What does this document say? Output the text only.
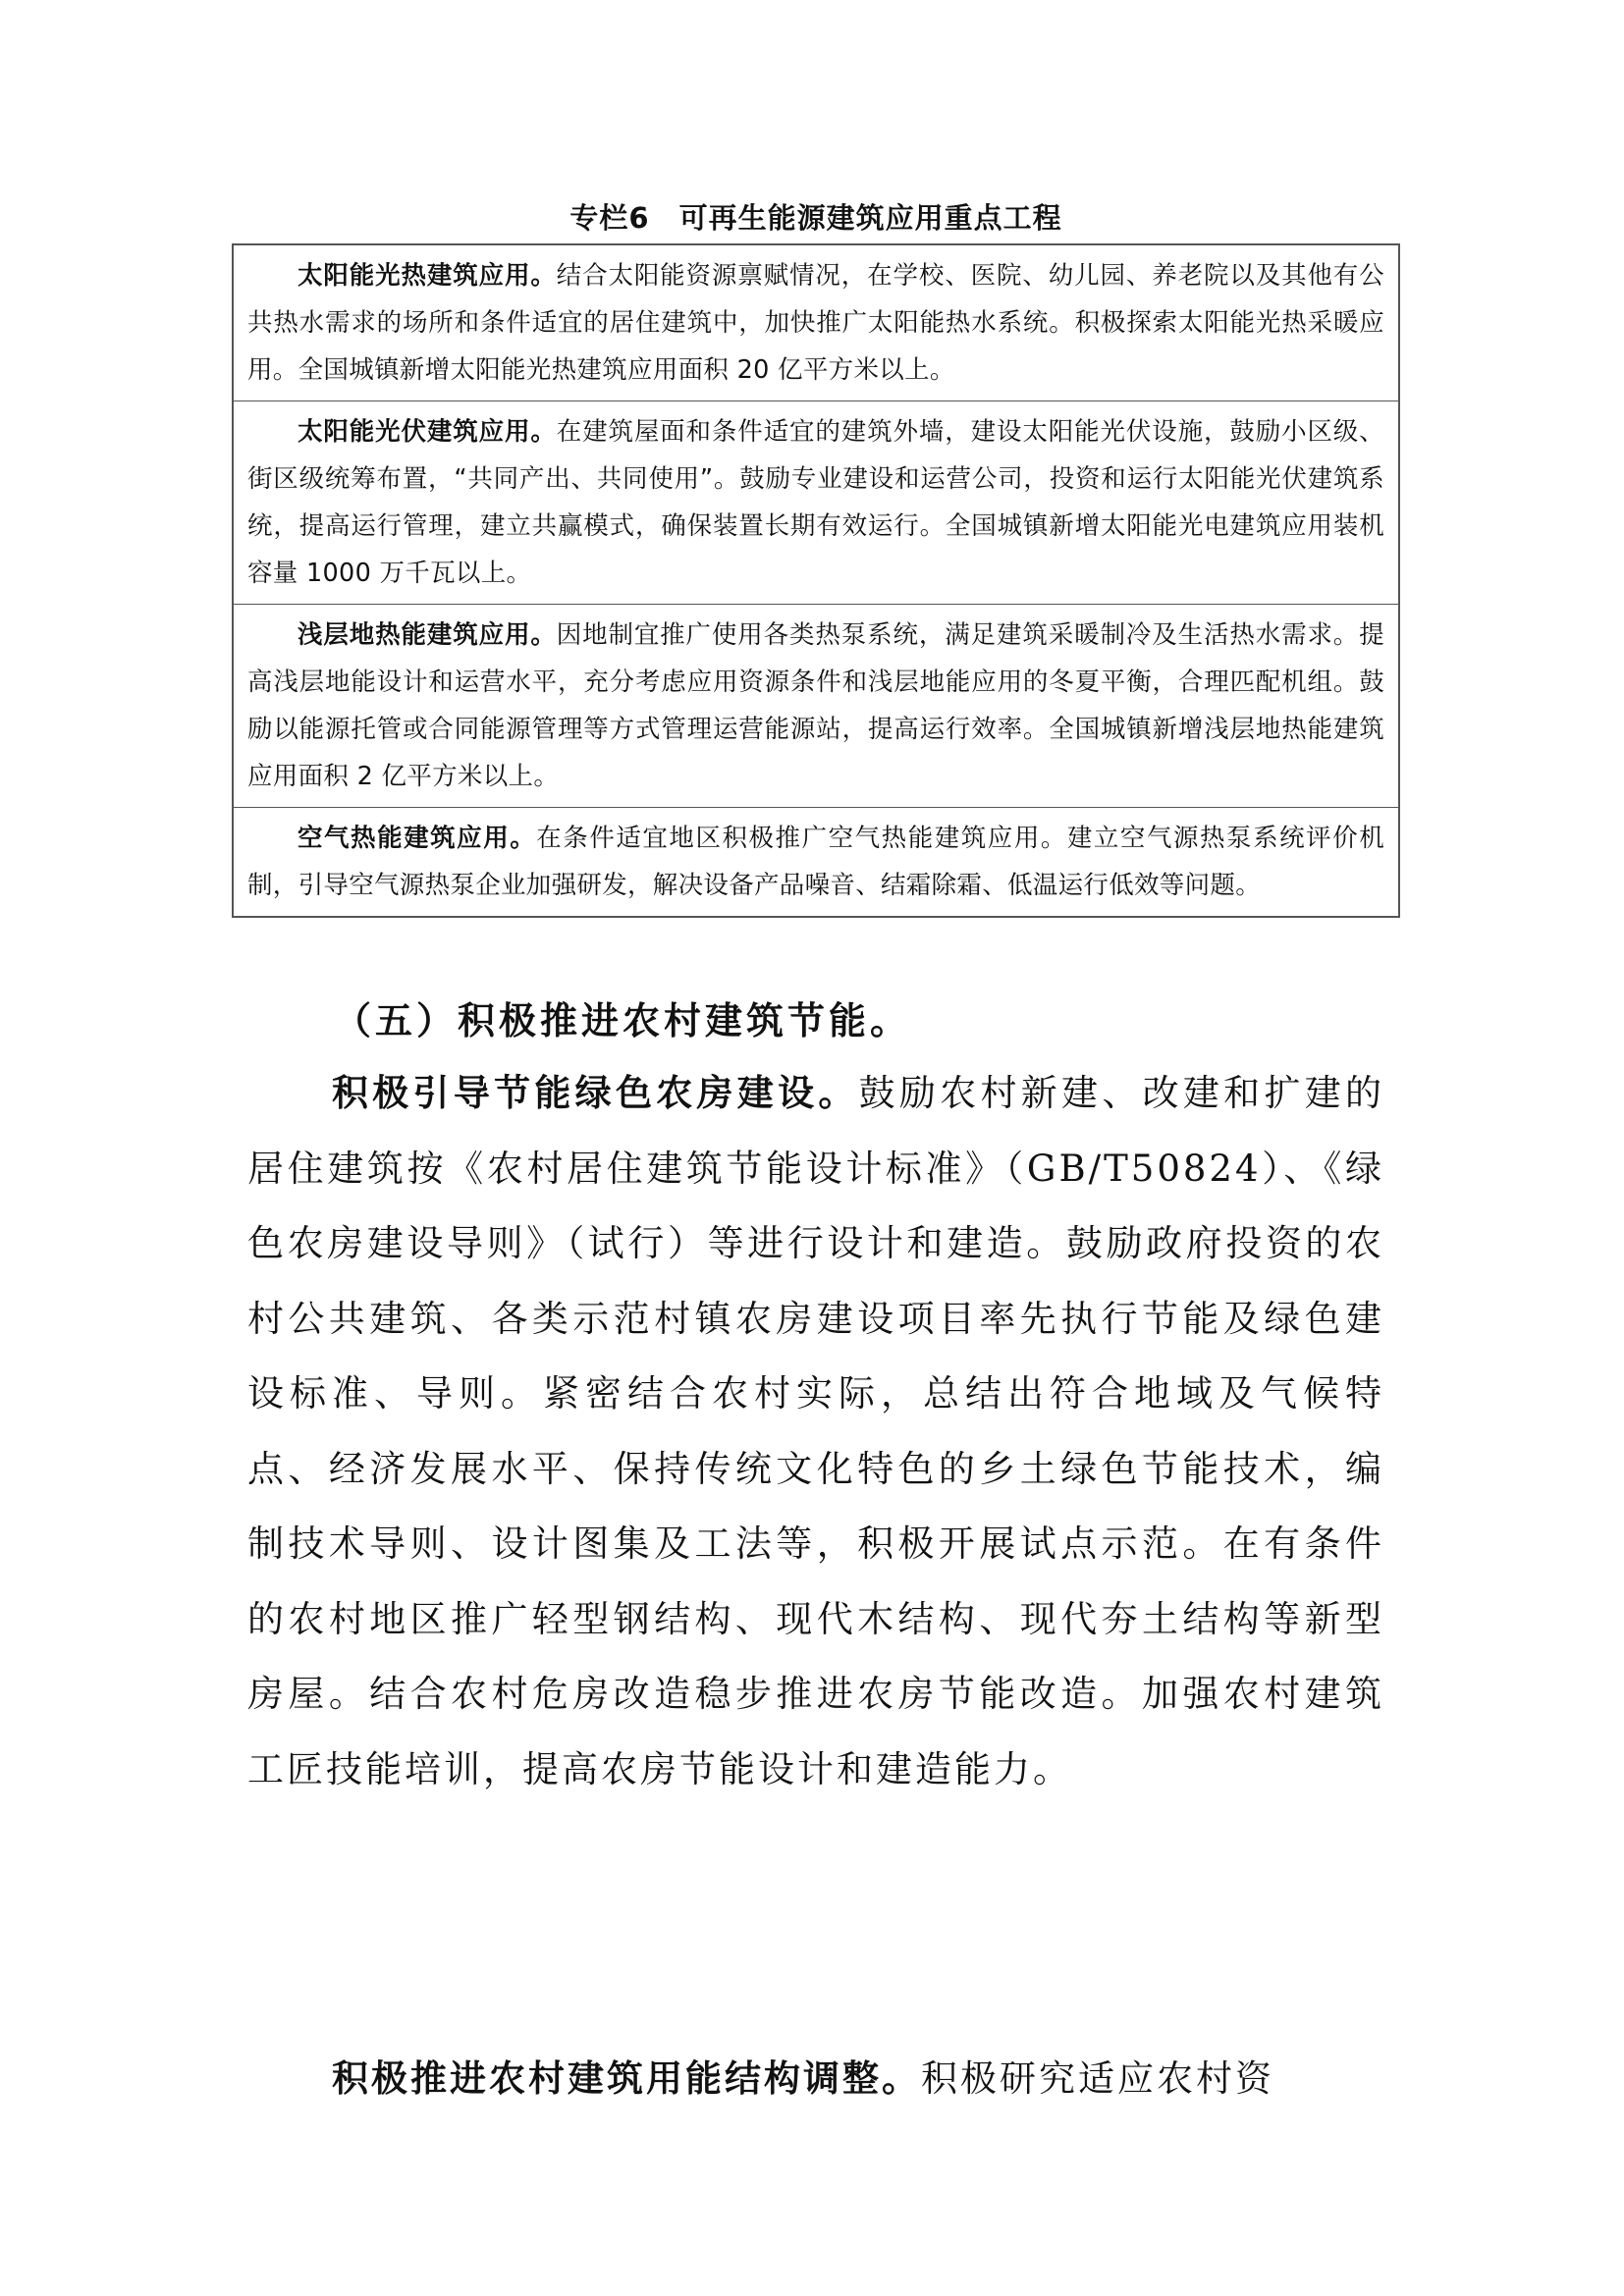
专栏6　可再生能源建筑应用重点工程
太阳能光热建筑应用。结合太阳能资源禀赋情况，在学校、医院、幼儿园、养老院以及其他有公共热水需求的场所和条件适宜的居住建筑中，加快推广太阳能热水系统。积极探索太阳能光热采暖应用。全国城镇新增太阳能光热建筑应用面积 20 亿平方米以上。
太阳能光伏建筑应用。在建筑屋面和条件适宜的建筑外墙，建设太阳能光伏设施，鼓励小区级、街区级统筹布置，“共同产出、共同使用”。鼓励专业建设和运营公司，投资和运行太阳能光伏建筑系统，提高运行管理，建立共赢模式，确保装置长期有效运行。全国城镇新增太阳能光电建筑应用装机容量 1000 万千瓦以上。
浅层地热能建筑应用。因地制宜推广使用各类热泵系统，满足建筑采暖制冷及生活热水需求。提高浅层地能设计和运营水平，充分考虑应用资源条件和浅层地能应用的冬夏平衡，合理匹配机组。鼓励以能源托管或合同能源管理等方式管理运营能源站，提高运行效率。全国城镇新增浅层地热能建筑应用面积 2 亿平方米以上。
空气热能建筑应用。在条件适宜地区积极推广空气热能建筑应用。建立空气源热泵系统评价机制，引导空气源热泵企业加强研发，解决设备产品噪音、结霜除霜、低温运行低效等问题。
（五）积极推进农村建筑节能。
积极引导节能绿色农房建设。鼓励农村新建、改建和扩建的居住建筑按《农村居住建筑节能设计标准》（GB/T50824）、《绿色农房建设导则》（试行）等进行设计和建造。鼓励政府投资的农村公共建筑、各类示范村镇农房建设项目率先执行节能及绿色建设标准、导则。紧密结合农村实际，总结出符合地域及气候特点、经济发展水平、保持传统文化特色的乡土绿色节能技术，编制技术导则、设计图集及工法等，积极开展试点示范。在有条件的农村地区推广轻型钢结构、现代木结构、现代夯土结构等新型房屋。结合农村危房改造稳步推进农房节能改造。加强农村建筑工匠技能培训，提高农房节能设计和建造能力。
积极推进农村建筑用能结构调整。积极研究适应农村资
